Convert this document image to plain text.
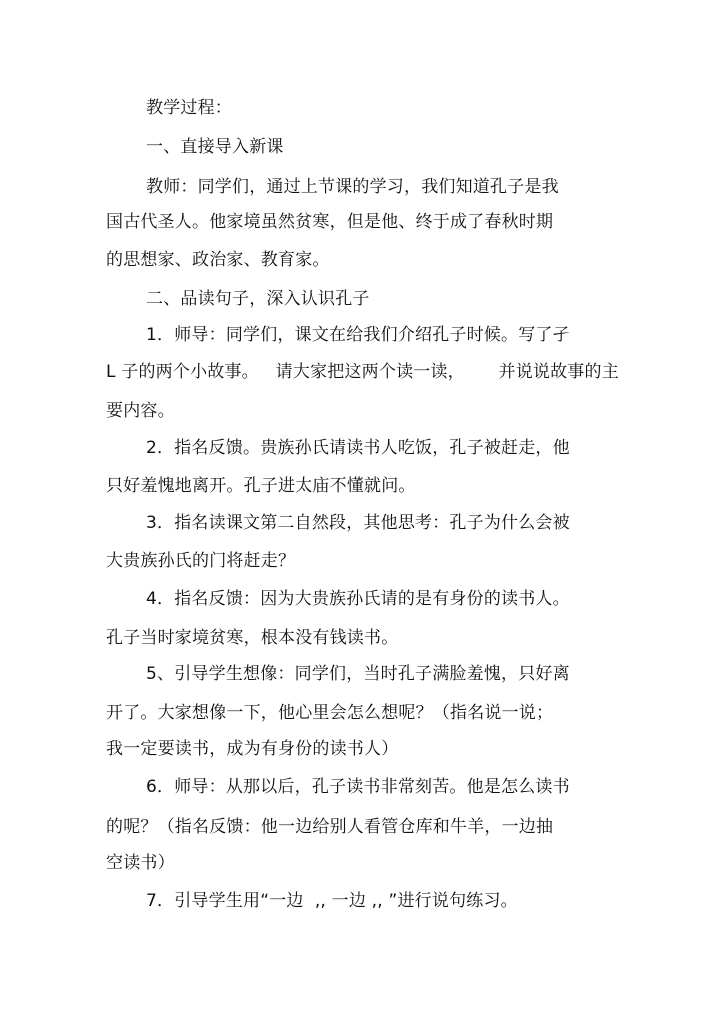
教学过程：
一、直接导入新课
教师：同学们，通过上节课的学习，我们知道孔子是我
国古代圣人。他家境虽然贫寒，但是他、终于成了春秋时期
的思想家、政治家、教育家。
二、品读句子，深入认识孔子
1．师导：同学们，课文在给我们介绍孔子时候。写了孑
L 子的两个小故事。   请大家把这两个读一读，      并说说故事的主
要内容。
2．指名反馈。贵族孙氏请读书人吃饭，孔子被赶走，他
只好羞愧地离开。孔子进太庙不懂就问。
3．指名读课文第二自然段，其他思考：孔子为什么会被
大贵族孙氏的门将赶走？
4．指名反馈：因为大贵族孙氏请的是有身份的读书人。
孔子当时家境贫寒，根本没有钱读书。
5、引导学生想像：同学们，当时孔子满脸羞愧，只好离
开了。大家想像一下，他心里会怎么想呢？（指名说一说；
我一定要读书，成为有身份的读书人）
6．师导：从那以后，孔子读书非常刻苦。他是怎么读书
的呢？（指名反馈：他一边给别人看管仓库和牛羊，一边抽
空读书）
7．引导学生用“一边  ,, 一边 ,, ”进行说句练习。
